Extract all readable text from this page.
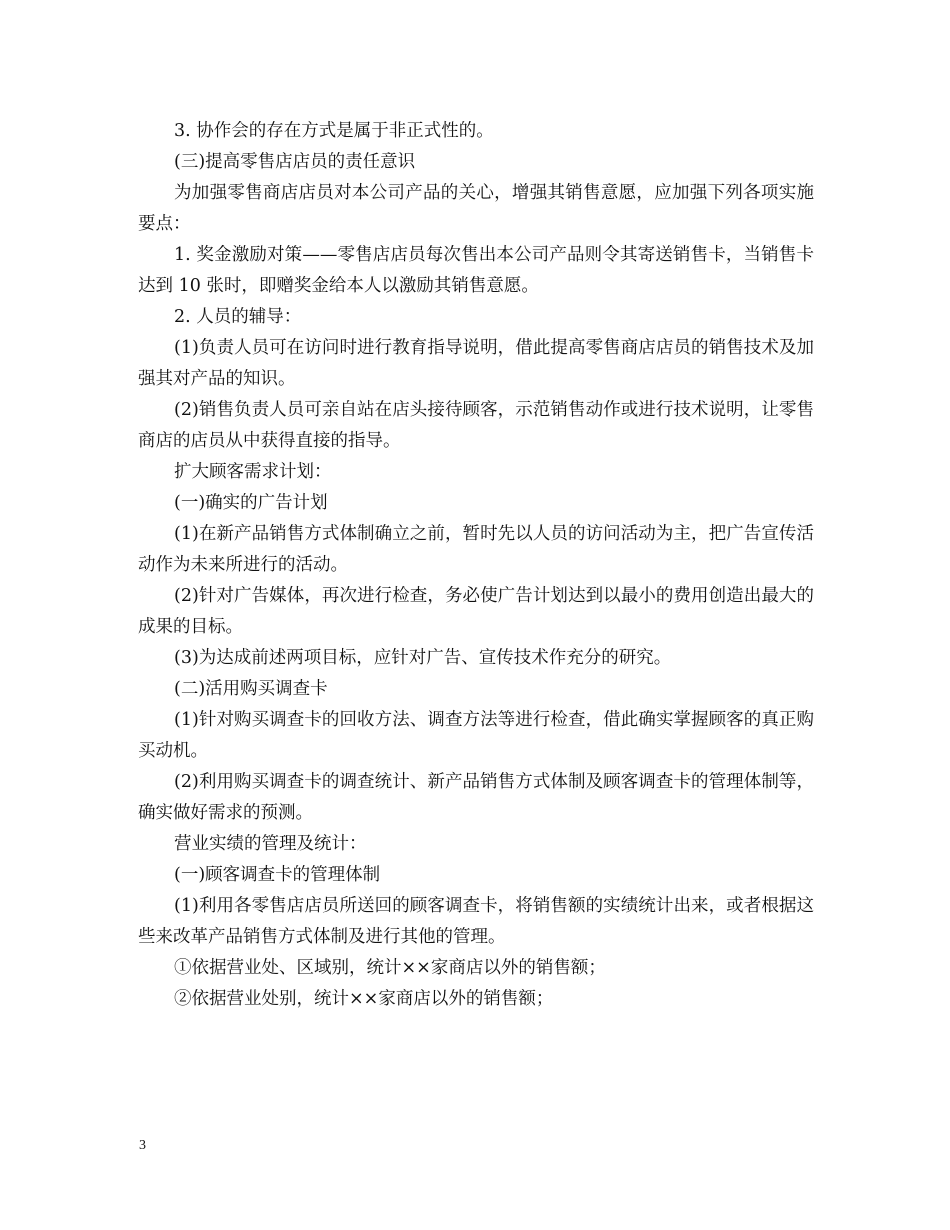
3. 协作会的存在方式是属于非正式性的。

(三)提高零售店店员的责任意识

为加强零售商店店员对本公司产品的关心，增强其销售意愿，应加强下列各项实施要点：

1. 奖金激励对策——零售店店员每次售出本公司产品则令其寄送销售卡，当销售卡达到 10 张时，即赠奖金给本人以激励其销售意愿。

2. 人员的辅导：

(1)负责人员可在访问时进行教育指导说明，借此提高零售商店店员的销售技术及加强其对产品的知识。

(2)销售负责人员可亲自站在店头接待顾客，示范销售动作或进行技术说明，让零售商店的店员从中获得直接的指导。

扩大顾客需求计划：

(一)确实的广告计划

(1)在新产品销售方式体制确立之前，暂时先以人员的访问活动为主，把广告宣传活动作为未来所进行的活动。

(2)针对广告媒体，再次进行检查，务必使广告计划达到以最小的费用创造出最大的成果的目标。

(3)为达成前述两项目标，应针对广告、宣传技术作充分的研究。

(二)活用购买调查卡

(1)针对购买调查卡的回收方法、调查方法等进行检查，借此确实掌握顾客的真正购买动机。

(2)利用购买调查卡的调查统计、新产品销售方式体制及顾客调查卡的管理体制等，确实做好需求的预测。

营业实绩的管理及统计：

(一)顾客调查卡的管理体制

(1)利用各零售店店员所送回的顾客调查卡，将销售额的实绩统计出来，或者根据这些来改革产品销售方式体制及进行其他的管理。

①依据营业处、区域别，统计××家商店以外的销售额；

②依据营业处别，统计××家商店以外的销售额；

3
